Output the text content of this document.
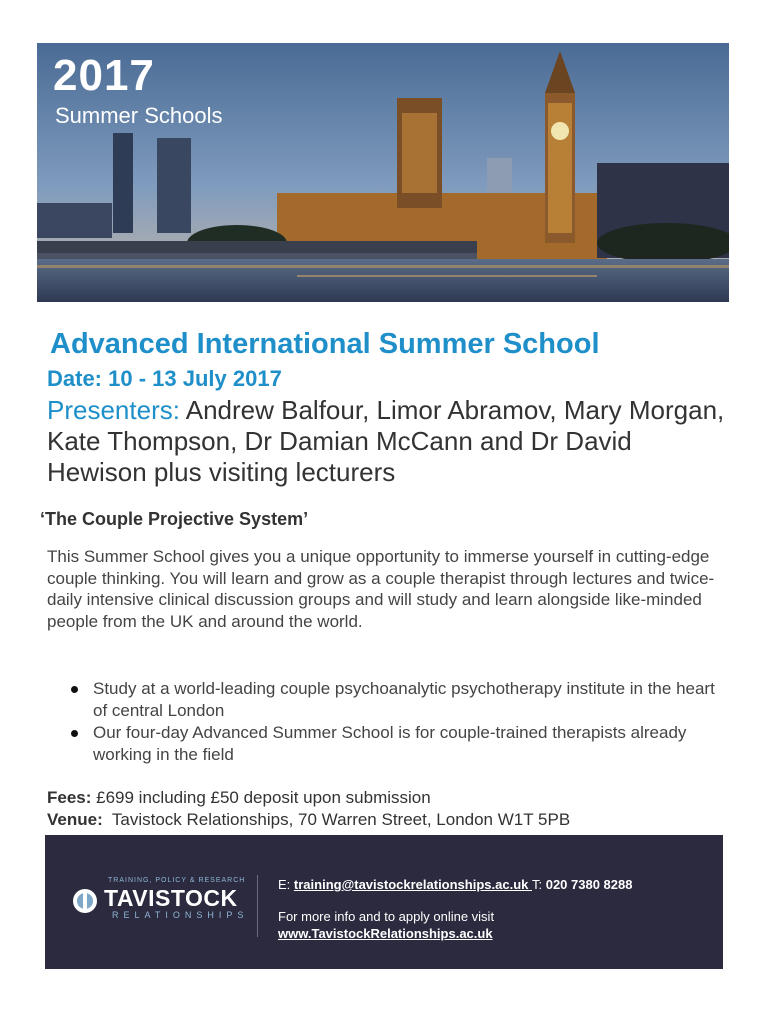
2017
Summer Schools
Advanced International Summer School
Date: 10 - 13 July 2017
Presenters: Andrew Balfour, Limor Abramov, Mary Morgan, Kate Thompson, Dr Damian McCann and Dr David Hewison plus visiting lecturers
‘The Couple Projective System’
This Summer School gives you a unique opportunity to immerse yourself in cutting-edge couple thinking. You will learn and grow as a couple therapist through lectures and twice-daily intensive clinical discussion groups and will study and learn alongside like-minded people from the UK and around the world.
Study at a world-leading couple psychoanalytic psychotherapy institute in the heart of central London
Our four-day Advanced Summer School is for couple-trained therapists already working in the field
Fees: £699 including £50 deposit upon submission
Venue:  Tavistock Relationships, 70 Warren Street, London W1T 5PB
TRAINING, POLICY & RESEARCH
TAVISTOCK
RELATIONSHIPS
E: training@tavistockrelationships.ac.uk T: 020 7380 8288
For more info and to apply online visit
www.TavistockRelationships.ac.uk
